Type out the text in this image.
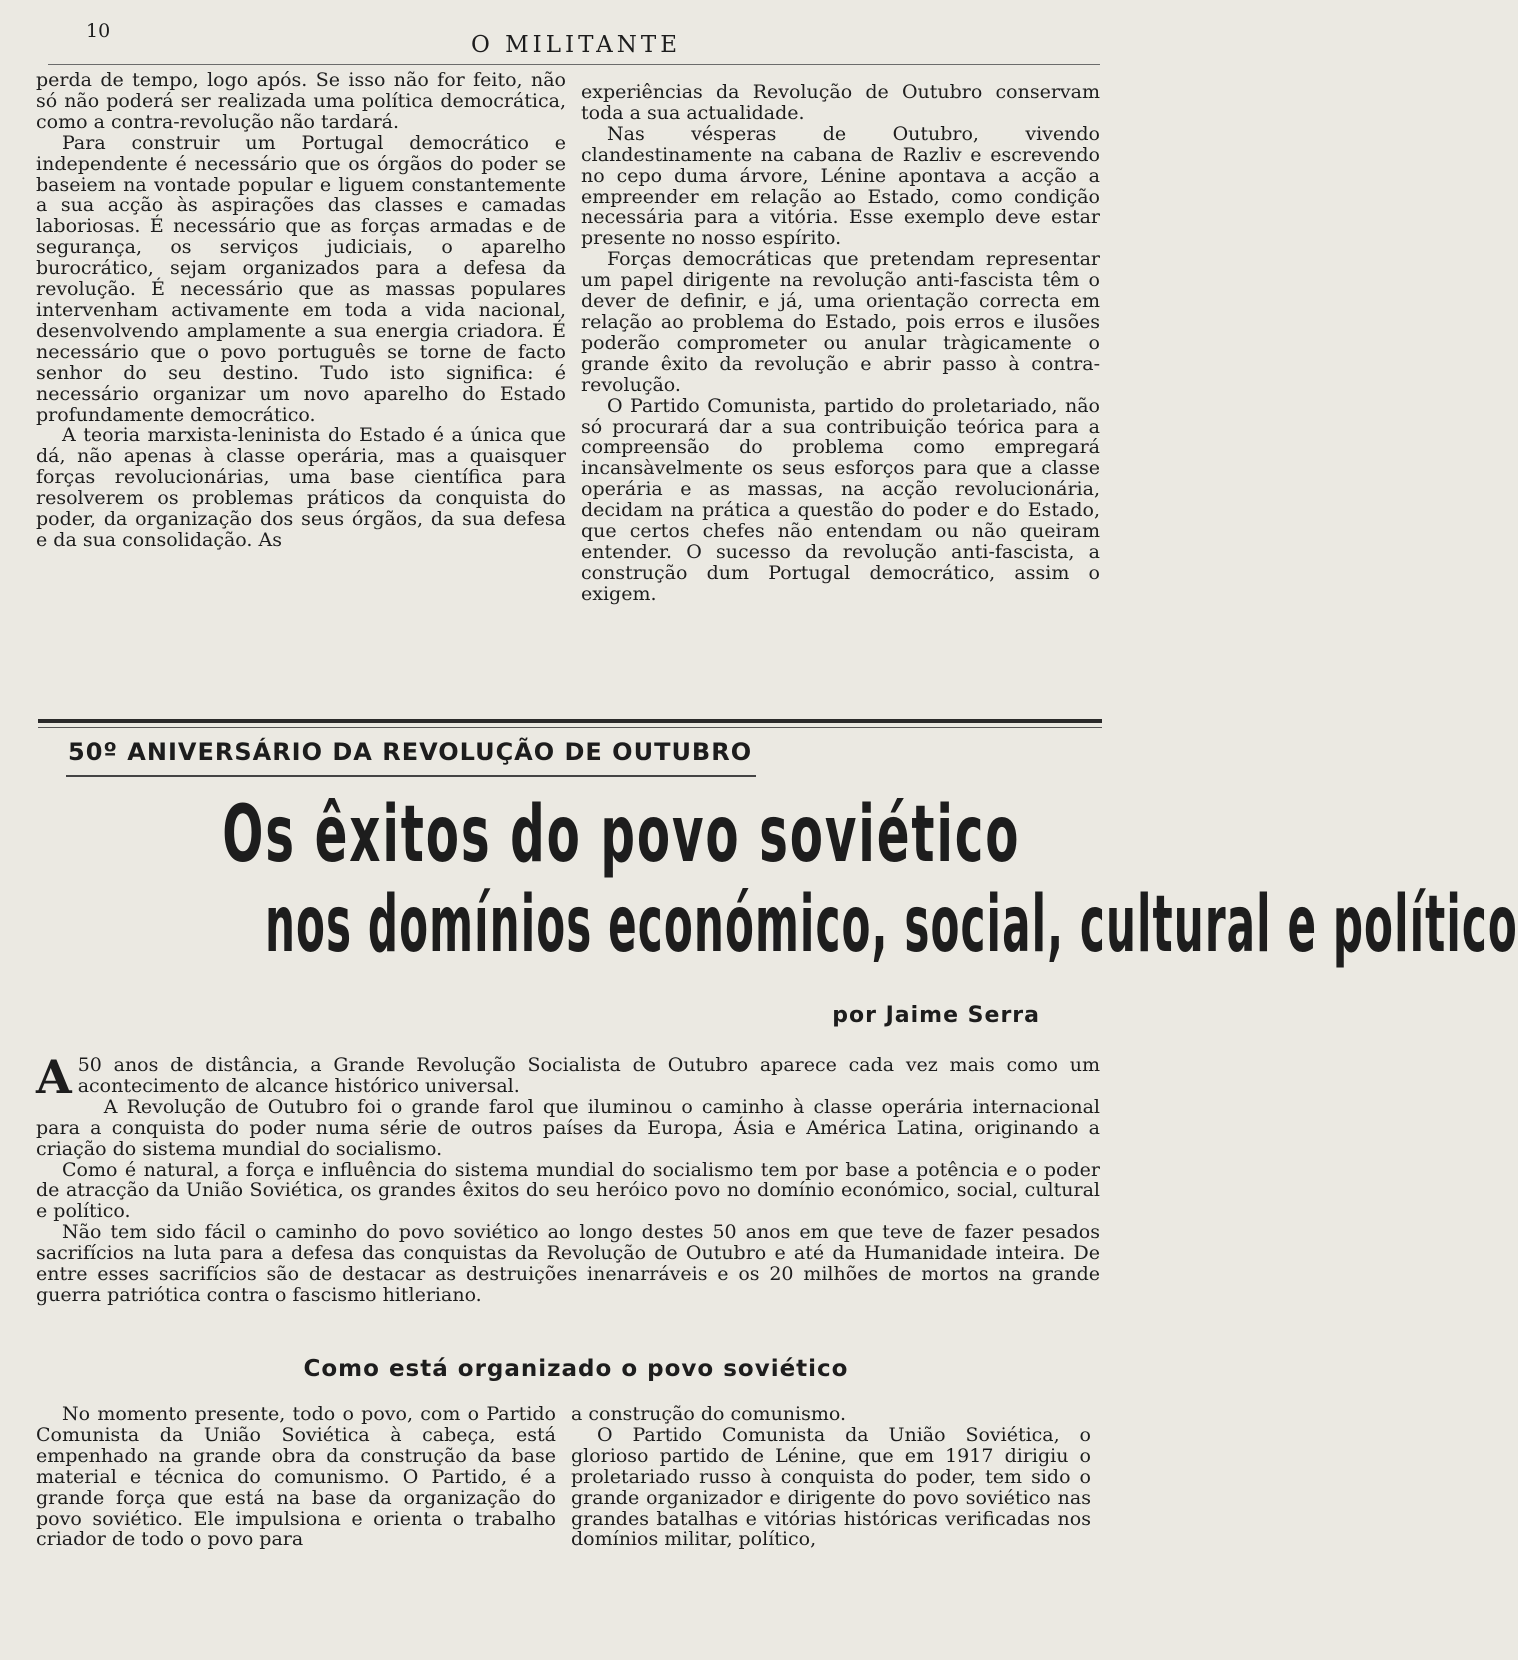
10
O MILITANTE

perda de tempo, logo após. Se isso não for feito, não só não poderá ser realizada uma política democrática, como a contra-revolução não tardará.

Para construir um Portugal democrático e independente é necessário que os órgãos do poder se baseiem na vontade popular e liguem constantemente a sua acção às aspirações das classes e camadas laboriosas. É necessário que as forças armadas e de segurança, os serviços judiciais, o aparelho burocrático, sejam organizados para a defesa da revolução. É necessário que as massas populares intervenham activamente em toda a vida nacional, desenvolvendo amplamente a sua energia criadora. É necessário que o povo português se torne de facto senhor do seu destino. Tudo isto significa: é necessário organizar um novo aparelho do Estado profundamente democrático.

A teoria marxista-leninista do Estado é a única que dá, não apenas à classe operária, mas a quaisquer forças revolucionárias, uma base científica para resolverem os problemas práticos da conquista do poder, da organização dos seus órgãos, da sua defesa e da sua consolidação. As

experiências da Revolução de Outubro conservam toda a sua actualidade.

Nas vésperas de Outubro, vivendo clandestinamente na cabana de Razliv e escrevendo no cepo duma árvore, Lénine apontava a acção a empreender em relação ao Estado, como condição necessária para a vitória. Esse exemplo deve estar presente no nosso espírito.

Forças democráticas que pretendam representar um papel dirigente na revolução anti-fascista têm o dever de definir, e já, uma orientação correcta em relação ao problema do Estado, pois erros e ilusões poderão comprometer ou anular tràgicamente o grande êxito da revolução e abrir passo à contra-revolução.

O Partido Comunista, partido do proletariado, não só procurará dar a sua contribuição teórica para a compreensão do problema como empregará incansàvelmente os seus esforços para que a classe operária e as massas, na acção revolucionária, decidam na prática a questão do poder e do Estado, que certos chefes não entendam ou não queiram entender. O sucesso da revolução anti-fascista, a construção dum Portugal democrático, assim o exigem.

50º ANIVERSÁRIO DA REVOLUÇÃO DE OUTUBRO
Os êxitos do povo soviético
nos domínios económico, social, cultural e político
por Jaime Serra

A 50 anos de distância, a Grande Revolução Socialista de Outubro aparece cada vez mais como um acontecimento de alcance histórico universal.

A Revolução de Outubro foi o grande farol que iluminou o caminho à classe operária internacional para a conquista do poder numa série de outros países da Europa, Ásia e América Latina, originando a criação do sistema mundial do socialismo.

Como é natural, a força e influência do sistema mundial do socialismo tem por base a potência e o poder de atracção da União Soviética, os grandes êxitos do seu heróico povo no domínio económico, social, cultural e político.

Não tem sido fácil o caminho do povo soviético ao longo destes 50 anos em que teve de fazer pesados sacrifícios na luta para a defesa das conquistas da Revolução de Outubro e até da Humanidade inteira. De entre esses sacrifícios são de destacar as destruições inenarráveis e os 20 milhões de mortos na grande guerra patriótica contra o fascismo hitleriano.

Como está organizado o povo soviético

No momento presente, todo o povo, com o Partido Comunista da União Soviética à cabeça, está empenhado na grande obra da construção da base material e técnica do comunismo. O Partido, é a grande força que está na base da organização do povo soviético. Ele impulsiona e orienta o trabalho criador de todo o povo para

a construção do comunismo.

O Partido Comunista da União Soviética, o glorioso partido de Lénine, que em 1917 dirigiu o proletariado russo à conquista do poder, tem sido o grande organizador e dirigente do povo soviético nas grandes batalhas e vitórias históricas verificadas nos domínios militar, político,
